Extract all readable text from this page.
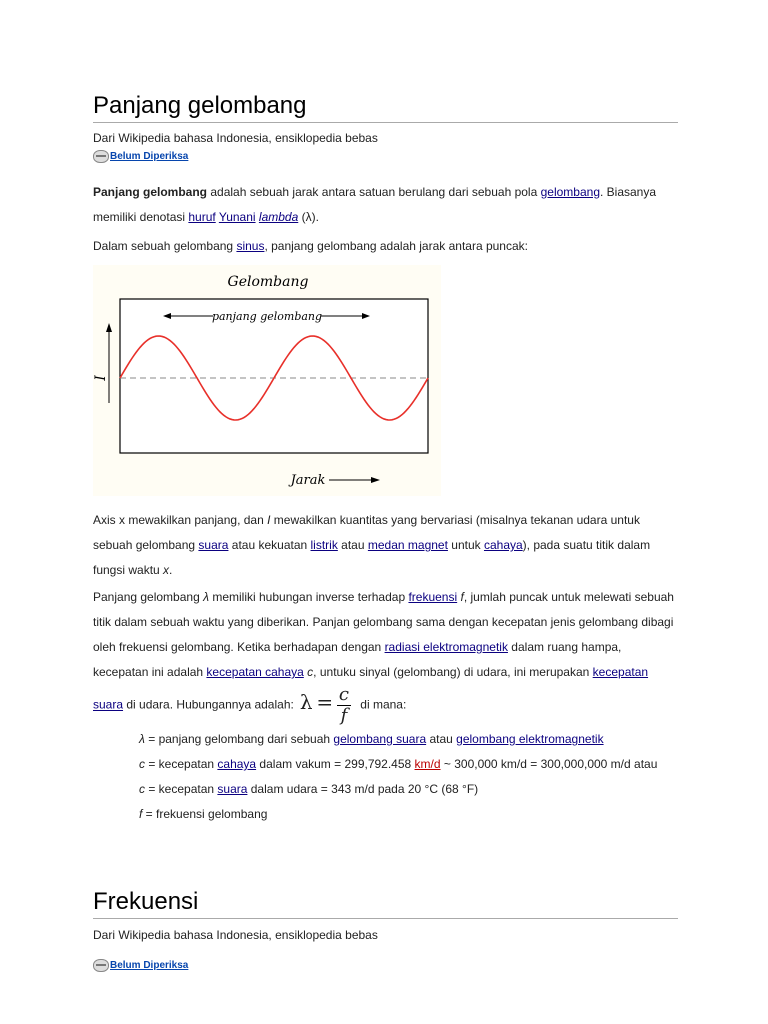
Panjang gelombang
Dari Wikipedia bahasa Indonesia, ensiklopedia bebas
Belum Diperiksa

Panjang gelombang adalah sebuah jarak antara satuan berulang dari sebuah pola gelombang. Biasanya memiliki denotasi huruf Yunani lambda (λ).

Dalam sebuah gelombang sinus, panjang gelombang adalah jarak antara puncak:

Gelombang
panjang gelombang
I
Jarak

Axis x mewakilkan panjang, dan I mewakilkan kuantitas yang bervariasi (misalnya tekanan udara untuk sebuah gelombang suara atau kekuatan listrik atau medan magnet untuk cahaya), pada suatu titik dalam fungsi waktu x.

Panjang gelombang λ memiliki hubungan inverse terhadap frekuensi f, jumlah puncak untuk melewati sebuah titik dalam sebuah waktu yang diberikan. Panjan gelombang sama dengan kecepatan jenis gelombang dibagi oleh frekuensi gelombang. Ketika berhadapan dengan radiasi elektromagnetik dalam ruang hampa, kecepatan ini adalah kecepatan cahaya c, untuku sinyal (gelombang) di udara, ini merupakan kecepatan suara di udara. Hubungannya adalah: $\lambda = \frac{c}{f}$ di mana:

λ = panjang gelombang dari sebuah gelombang suara atau gelombang elektromagnetik
c = kecepatan cahaya dalam vakum = 299,792.458 km/d ~ 300,000 km/d = 300,000,000 m/d atau
c = kecepatan suara dalam udara = 343 m/d pada 20 °C (68 °F)
f = frekuensi gelombang
Frekuensi
Dari Wikipedia bahasa Indonesia, ensiklopedia bebas
Belum Diperiksa
